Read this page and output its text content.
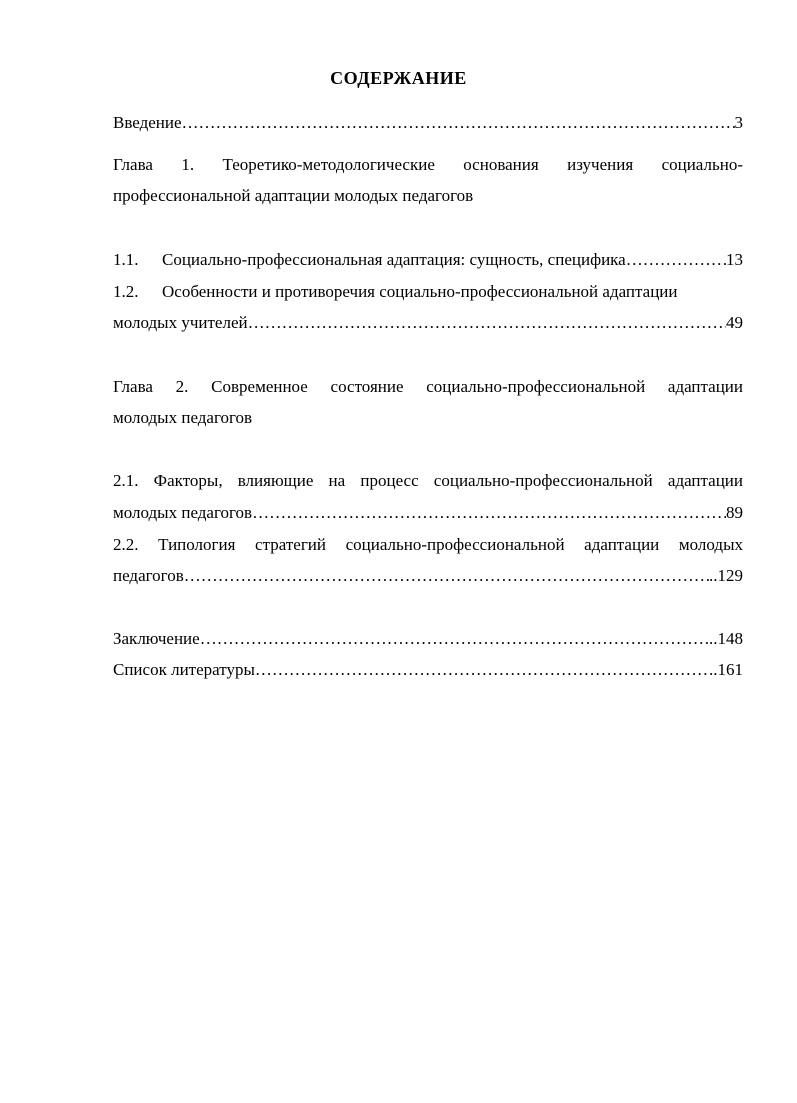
СОДЕРЖАНИЕ
Введение ……………………………………………………………………………………………………………………………………………………………………	3
Глава 1. Теоретико-методологические основания изучения социально-
профессиональной адаптации молодых педагогов
1.1. Социально-профессиональная адаптация: сущность, специфика ……………………………………………………………………………………………………………………………………………………………………	13
1.2. Особенности и противоречия социально-профессиональной адаптации
молодых учителей ……………………………………………………………………………………………………………………………………………………………………	49
Глава 2. Современное состояние социально-профессиональной адаптации
молодых педагогов
2.1. Факторы, влияющие на процесс социально-профессиональной адаптации
молодых педагогов ……………………………………………………………………………………………………………………………………………………………………	89
2.2. Типология стратегий социально-профессиональной адаптации молодых
педагогов ……………………………………………………………………………………………………………………………………………………………………	..129
Заключение ……………………………………………………………………………………………………………………………………………………………………	..148
Список литературы ……………………………………………………………………………………………………………………………………………………………………	..161
